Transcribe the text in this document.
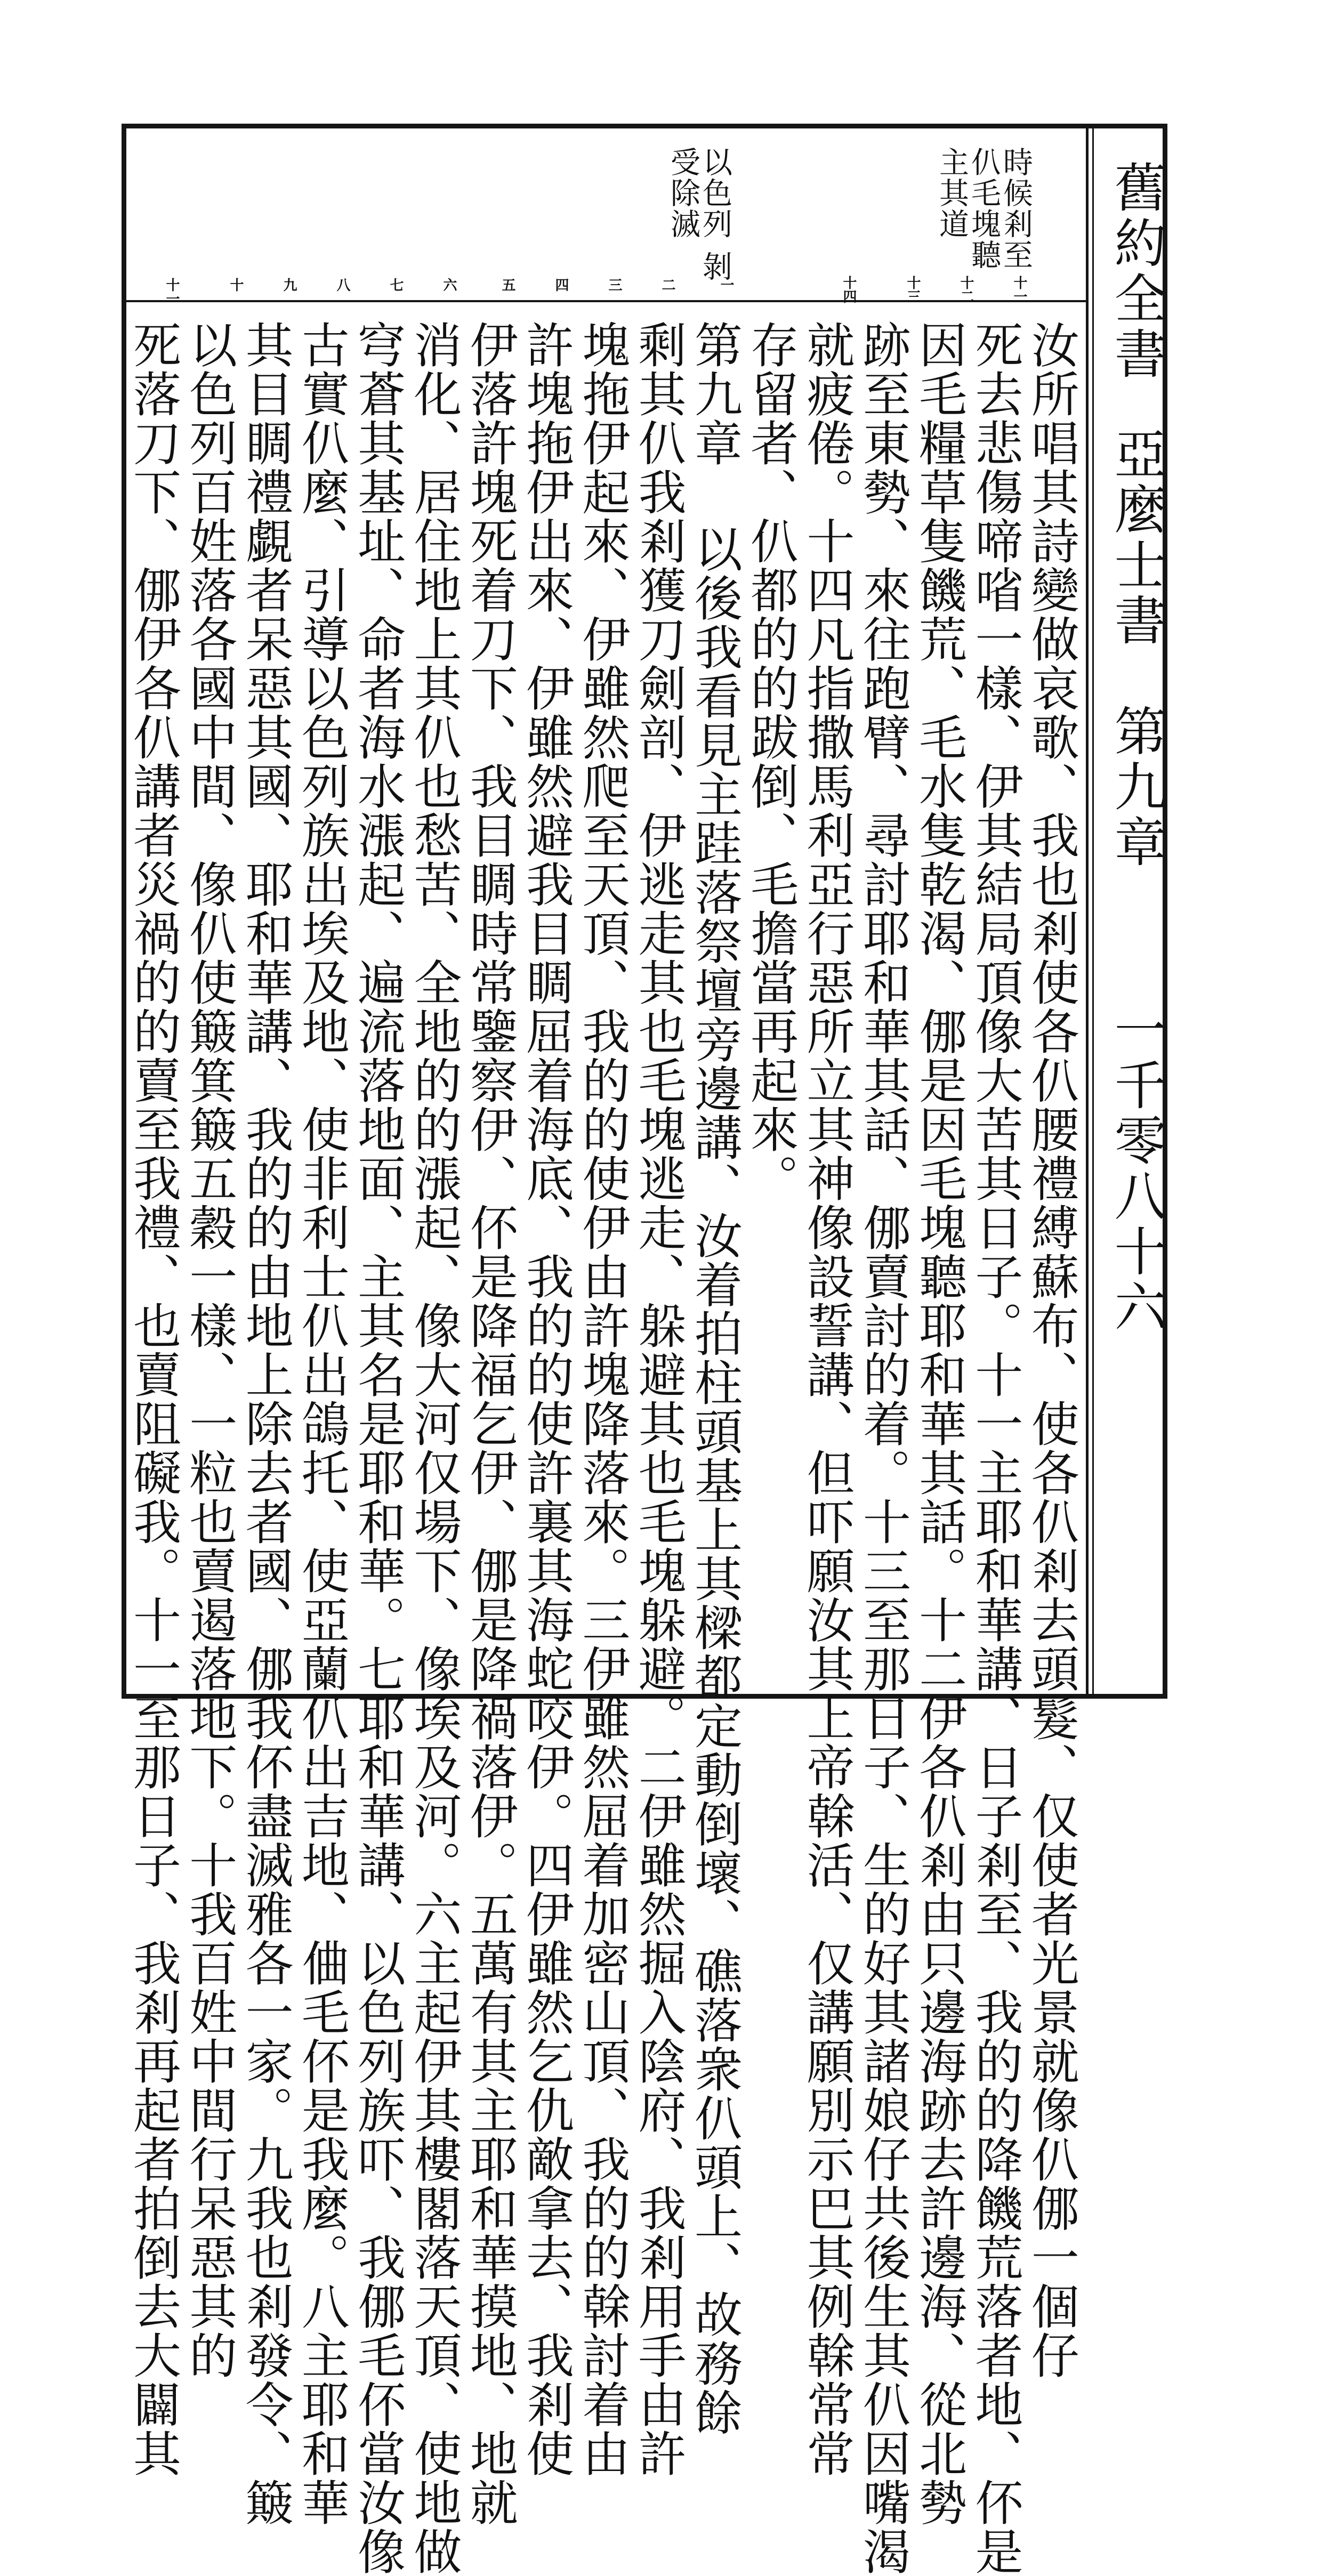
時候剎至
仈毛塊聽
主其道
以色列
受除滅
剝
十一
十二
十三
十四
一
二
三
四
五
六
七
八
九
十
十一
汝所唱其詩變做哀歌、我也剎使各仈腰禮縛蘇布、使各仈剎去頭髮、仅使者光景就像仈㑚一個仔
死去悲傷啼㗂一樣、伊其結局頂像大苦其日子。十一主耶和華講、日子剎至、我的的降饑荒落者地、伓是
因毛糧草隻饑荒、毛水隻乾渴、㑚是因毛塊聽耶和華其話。十二伊各仈剎由只邊海跡去許邊海、從北勢
跡至東勢、來往跑臂、尋討耶和華其話、㑚賣討的着。十三至那日子、生的好其諸娘仔共後生其仈因嘴渴
就疲倦。十四凡指撒馬利亞行惡所立其神像設誓講、但吓願汝其上帝𠏉活、仅講願別示巴其例𠏉常常
存留者、仈都的的跋倒、毛擔當再起來。
第九章 以後我看見主跬落祭壇旁邊講、汝着拍柱頭基上其樑都定動倒壞、礁落衆仈頭上、故務餘
剩其仈我剎獲刀劍剖、伊逃走其也毛塊逃走、躲避其也毛塊躲避。二伊雖然掘入陰府、我剎用手由許
塊拖伊起來、伊雖然爬至天頂、我的的使伊由許塊降落來。三伊雖然屈着加密山頂、我的的𠏉討着由
許塊拖伊出來、伊雖然避我目睭屈着海底、我的的使許裏其海蛇咬伊。四伊雖然乞仇敵拿去、我剎使
伊落許塊死着刀下、我目睭時常鑒察伊、伓是降福乞伊、㑚是降禍落伊。五萬有其主耶和華摸地、地就
消化、居住地上其仈也愁苦、全地的的漲起、像大河仅場下、像埃及河。六主起伊其樓閣落天頂、使地做
穹蒼其基址、命者海水漲起、遍流落地面、主其名是耶和華。七耶和華講、以色列族吓、我㑚毛伓當汝像
古實仈麼、引導以色列族出埃及地、使非利士仈出鴿托、使亞蘭仈出吉地、㑋毛伓是我麼。八主耶和華
其目睭禮覷者呆惡其國、耶和華講、我的的由地上除去者國、㑚我伓盡滅雅各一家。九我也剎發令、簸
以色列百姓落各國中間、像仈使簸箕簸五穀一樣、一粒也賣遏落地下。十我百姓中間行呆惡其的
死落刀下、㑚伊各仈講者災禍的的賣至我禮、也賣阻礙我。十一至那日子、我剎再起者拍倒去大闢其
舊約全書
亞麼士書
第九章
一千零八十六
